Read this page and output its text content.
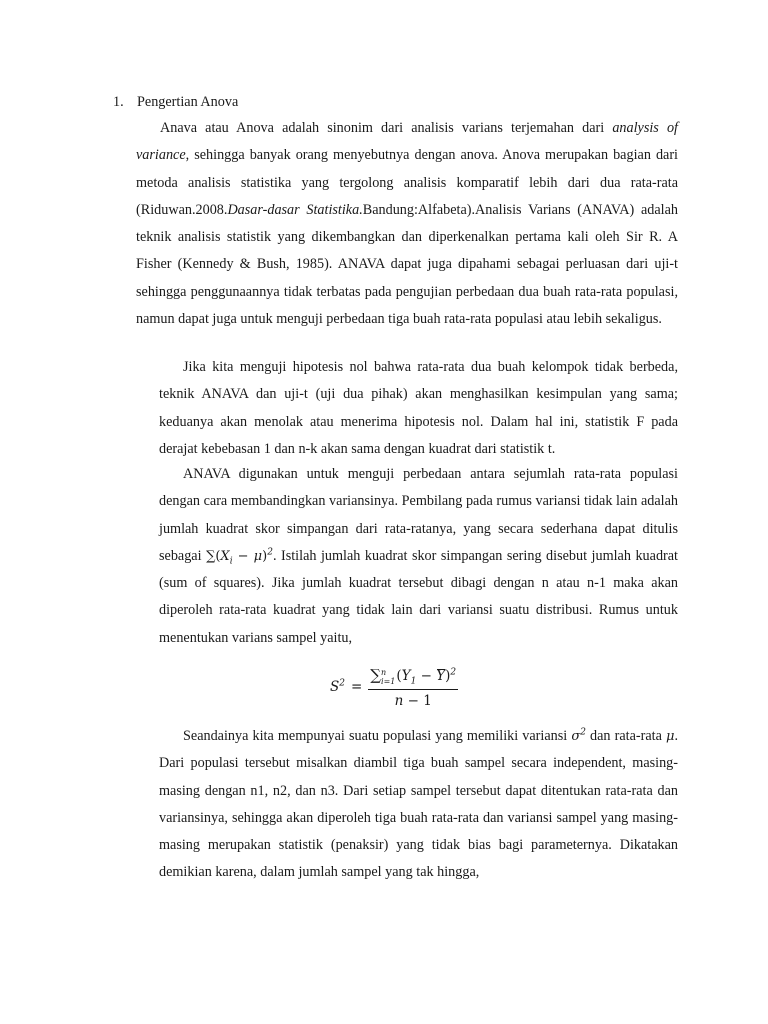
1. Pengertian Anova

Anava atau Anova adalah sinonim dari analisis varians terjemahan dari analysis of variance, sehingga banyak orang menyebutnya dengan anova. Anova merupakan bagian dari metoda analisis statistika yang tergolong analisis komparatif lebih dari dua rata-rata (Riduwan.2008.Dasar-dasar Statistika.Bandung:Alfabeta).Analisis Varians (ANAVA) adalah teknik analisis statistik yang dikembangkan dan diperkenalkan pertama kali oleh Sir R. A Fisher (Kennedy & Bush, 1985). ANAVA dapat juga dipahami sebagai perluasan dari uji-t sehingga penggunaannya tidak terbatas pada pengujian perbedaan dua buah rata-rata populasi, namun dapat juga untuk menguji perbedaan tiga buah rata-rata populasi atau lebih sekaligus.

Jika kita menguji hipotesis nol bahwa rata-rata dua buah kelompok tidak berbeda, teknik ANAVA dan uji-t (uji dua pihak) akan menghasilkan kesimpulan yang sama; keduanya akan menolak atau menerima hipotesis nol. Dalam hal ini, statistik F pada derajat kebebasan 1 dan n-k akan sama dengan kuadrat dari statistik t.

ANAVA digunakan untuk menguji perbedaan antara sejumlah rata-rata populasi dengan cara membandingkan variansinya. Pembilang pada rumus variansi tidak lain adalah jumlah kuadrat skor simpangan dari rata-ratanya, yang secara sederhana dapat ditulis sebagai $\sum(X_i - \mu)^2$. Istilah jumlah kuadrat skor simpangan sering disebut jumlah kuadrat (sum of squares). Jika jumlah kuadrat tersebut dibagi dengan n atau n-1 maka akan diperoleh rata-rata kuadrat yang tidak lain dari variansi suatu distribusi. Rumus untuk menentukan varians sampel yaitu,

$S^2$ = ∑ n
i=1 $(Y_1 - Y)^2$
n − 1

Seandainya kita mempunyai suatu populasi yang memiliki variansi $\sigma^2$ dan rata-rata μ. Dari populasi tersebut misalkan diambil tiga buah sampel secara independent, masing-masing dengan n1, n2, dan n3. Dari setiap sampel tersebut dapat ditentukan rata-rata dan variansinya, sehingga akan diperoleh tiga buah rata-rata dan variansi sampel yang masing-masing merupakan statistik (penaksir) yang tidak bias bagi parameternya. Dikatakan demikian karena, dalam jumlah sampel yang tak hingga,
